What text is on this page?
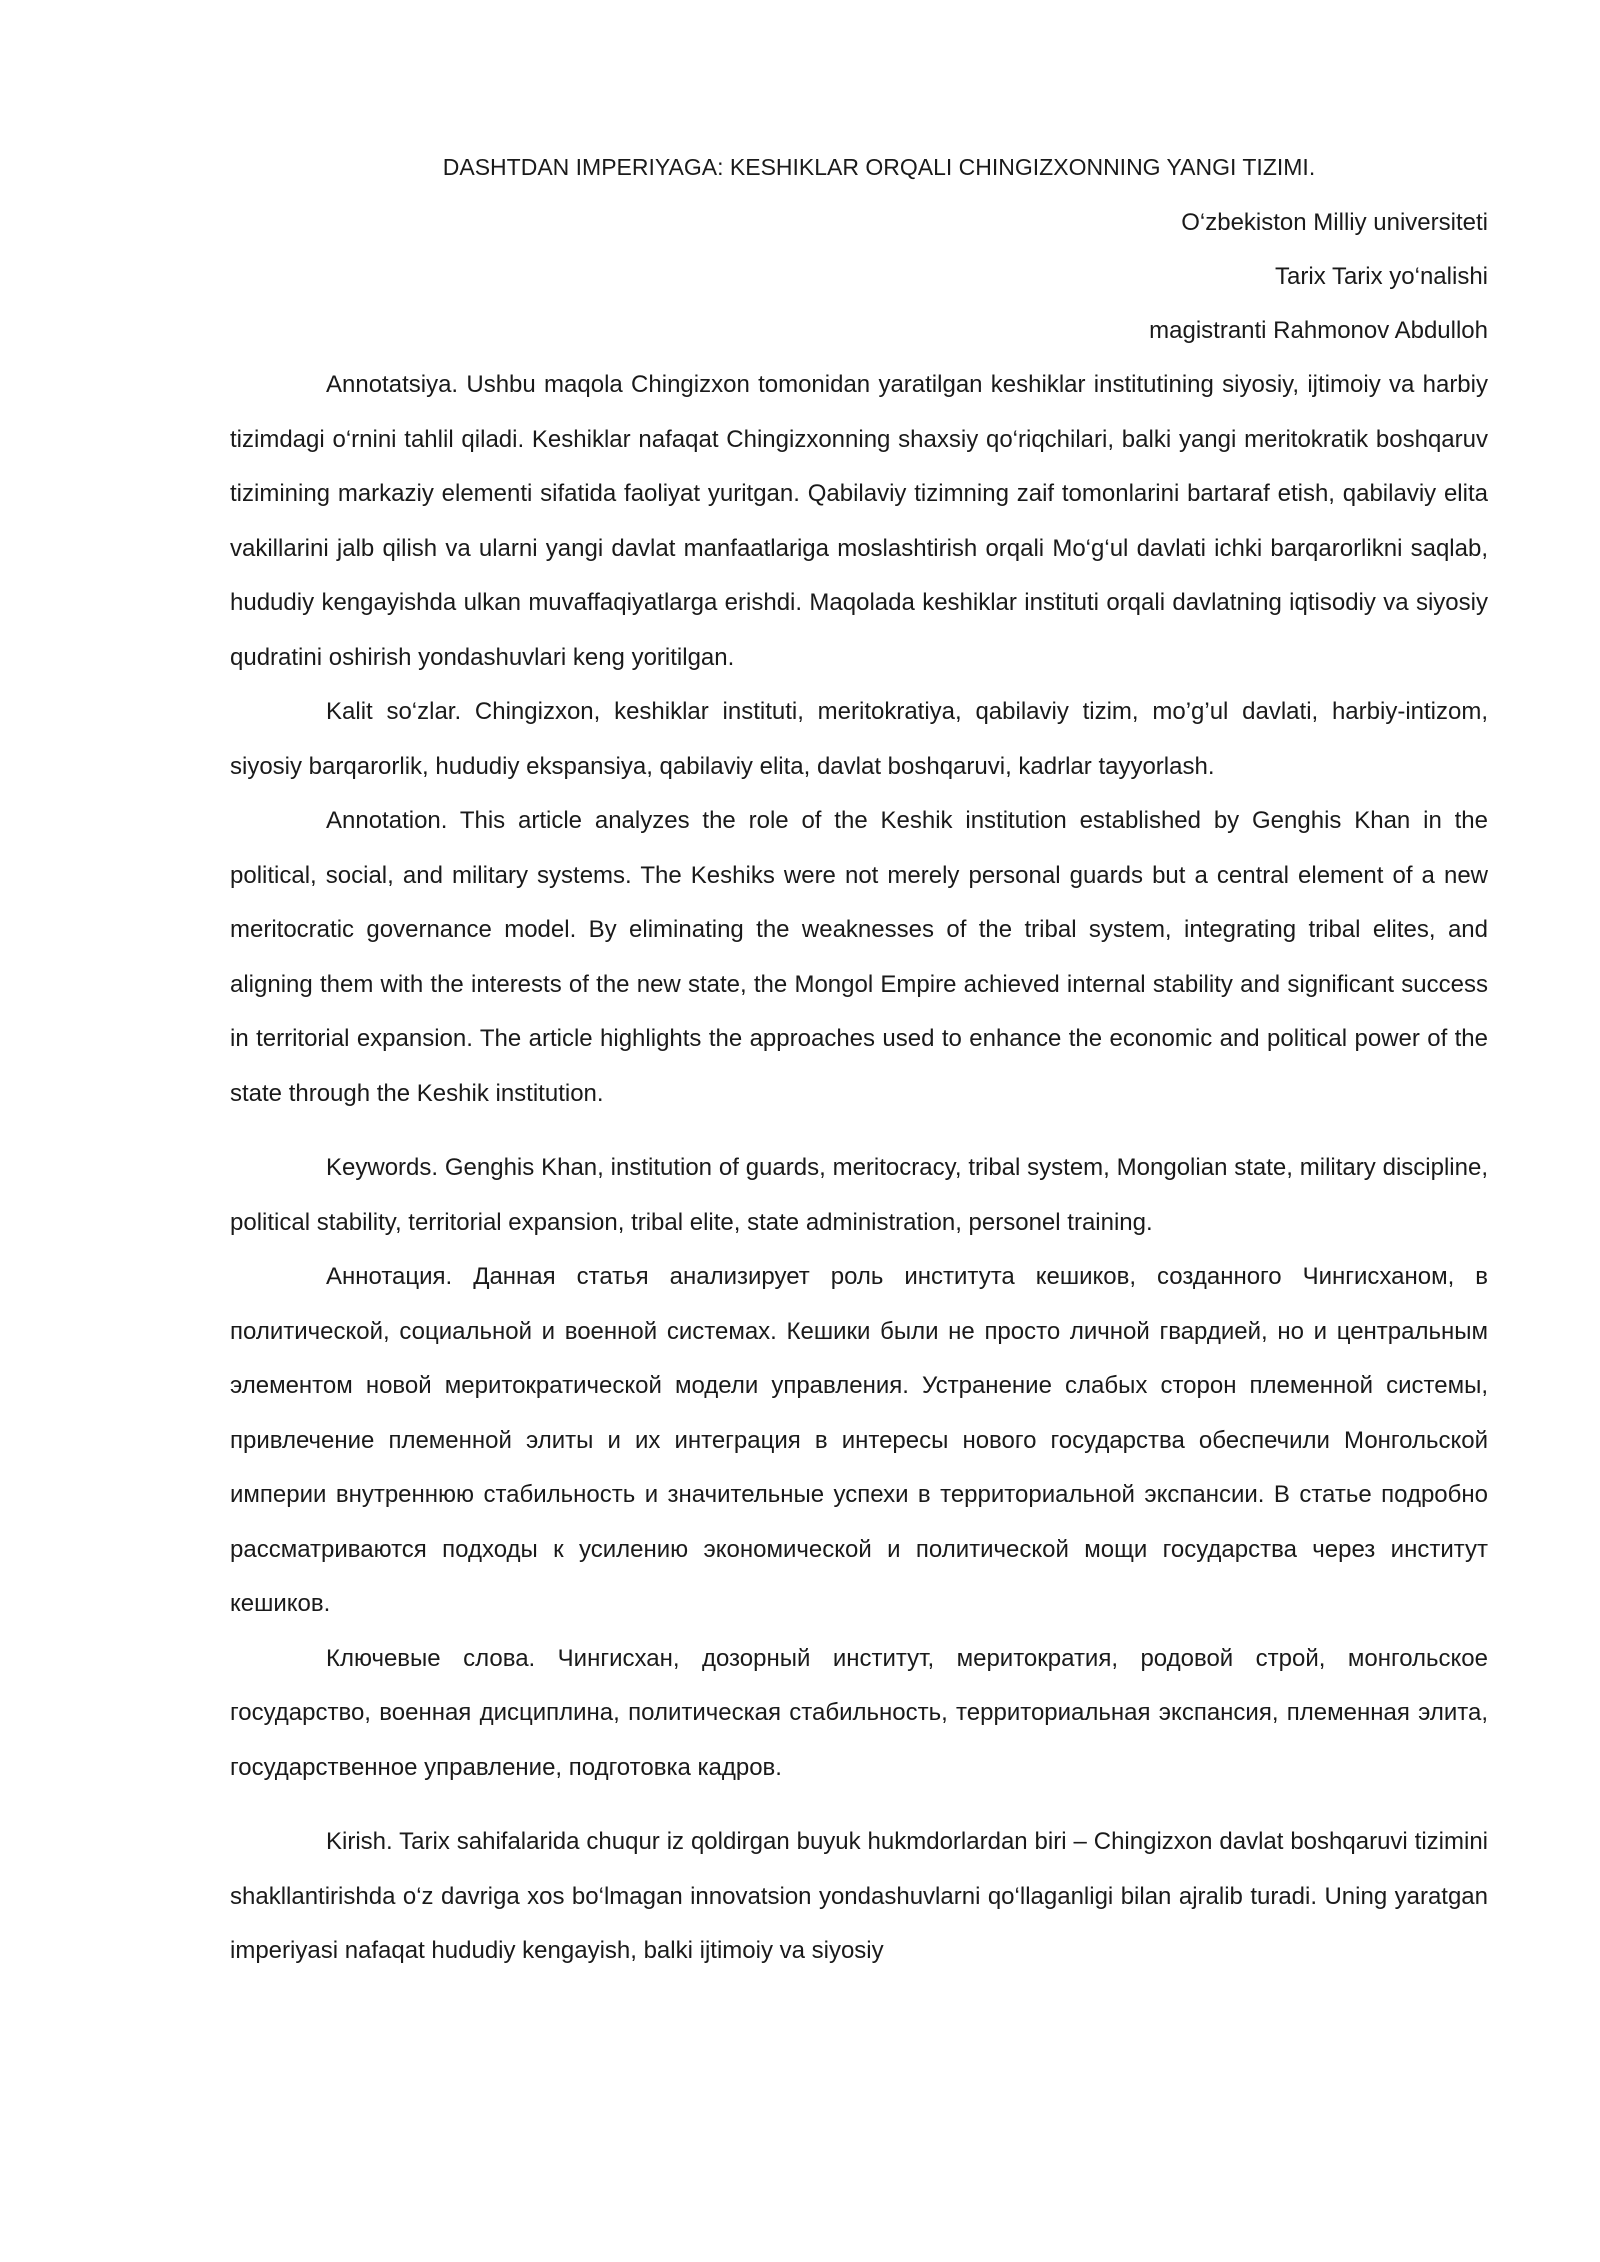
DASHTDAN IMPERIYAGA: KESHIKLAR ORQALI CHINGIZXONNING YANGI TIZIMI.

O‘zbekiston Milliy universiteti

Tarix Tarix yo‘nalishi

magistranti Rahmonov Abdulloh

Annotatsiya. Ushbu maqola Chingizxon tomonidan yaratilgan keshiklar institutining siyosiy, ijtimoiy va harbiy tizimdagi o‘rnini tahlil qiladi. Keshiklar nafaqat Chingizxonning shaxsiy qo‘riqchilari, balki yangi meritokratik boshqaruv tizimining markaziy elementi sifatida faoliyat yuritgan. Qabilaviy tizimning zaif tomonlarini bartaraf etish, qabilaviy elita vakillarini jalb qilish va ularni yangi davlat manfaatlariga moslashtirish orqali Mo‘g‘ul davlati ichki barqarorlikni saqlab, hududiy kengayishda ulkan muvaffaqiyatlarga erishdi. Maqolada keshiklar instituti orqali davlatning iqtisodiy va siyosiy qudratini oshirish yondashuvlari keng yoritilgan.

Kalit so‘zlar. Chingizxon, keshiklar instituti, meritokratiya, qabilaviy tizim, mo’g’ul davlati, harbiy-intizom, siyosiy barqarorlik, hududiy ekspansiya, qabilaviy elita, davlat boshqaruvi, kadrlar tayyorlash.

Annotation. This article analyzes the role of the Keshik institution established by Genghis Khan in the political, social, and military systems. The Keshiks were not merely personal guards but a central element of a new meritocratic governance model. By eliminating the weaknesses of the tribal system, integrating tribal elites, and aligning them with the interests of the new state, the Mongol Empire achieved internal stability and significant success in territorial expansion. The article highlights the approaches used to enhance the economic and political power of the state through the Keshik institution.

Keywords. Genghis Khan, institution of guards, meritocracy, tribal system, Mongolian state, military discipline, political stability, territorial expansion, tribal elite, state administration, personel training.

Аннотация. Данная статья анализирует роль института кешиков, созданного Чингисханом, в политической, социальной и военной системах. Кешики были не просто личной гвардией, но и центральным элементом новой меритократической модели управления. Устранение слабых сторон племенной системы, привлечение племенной элиты и их интеграция в интересы нового государства обеспечили Монгольской империи внутреннюю стабильность и значительные успехи в территориальной экспансии. В статье подробно рассматриваются подходы к усилению экономической и политической мощи государства через институт кешиков.

Ключевые слова. Чингисхан, дозорный институт, меритократия, родовой строй, монгольское государство, военная дисциплина, политическая стабильность, территориальная экспансия, племенная элита, государственное управление, подготовка кадров.

Kirish. Tarix sahifalarida chuqur iz qoldirgan buyuk hukmdorlardan biri – Chingizxon davlat boshqaruvi tizimini shakllantirishda o‘z davriga xos bo‘lmagan innovatsion yondashuvlarni qo‘llaganligi bilan ajralib turadi. Uning yaratgan imperiyasi nafaqat hududiy kengayish, balki ijtimoiy va siyosiy
